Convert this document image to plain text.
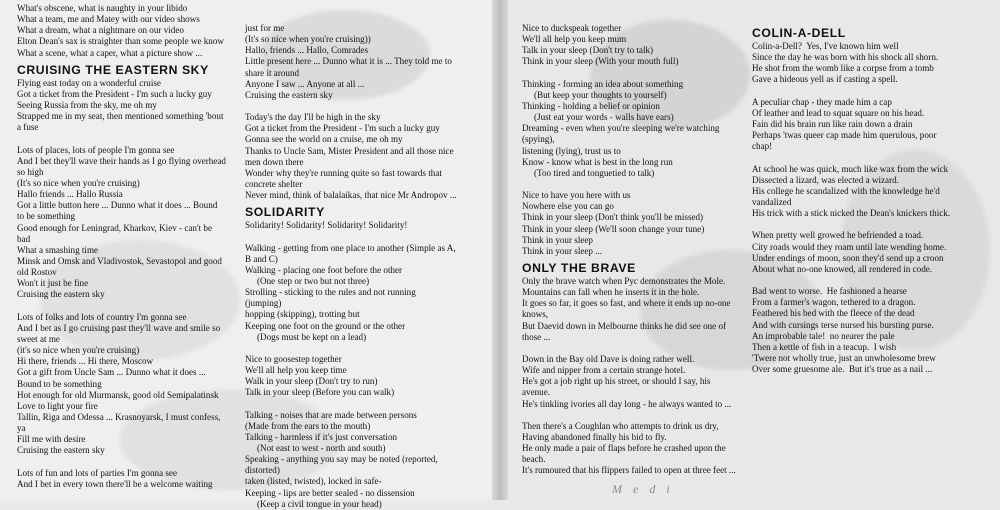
M e d i
What's obscene, what is naughty in your libido
What a team, me and Matey with our video shows
What a dream, what a nightmare on our video
Elton Dean's sax is straighter than some people we know
What a scene, what a caper, what a picture show ...
CRUISING THE EASTERN SKY
Flying east today on a wonderful cruise
Got a ticket from the President - I'm such a lucky guy
Seeing Russia from the sky, me oh my
Strapped me in my seat, then mentioned something 'bout
a fuse
Lots of places, lots of people I'm gonna see
And I bet they'll wave their hands as I go flying overhead
so high
(It's so nice when you're cruising)
Hallo friends ... Hallo Russia
Got a little button here ... Dunno what it does ... Bound
to be something
Good enough for Leningrad, Kharkov, Kiev - can't be
bad
What a smashing time
Minsk and Omsk and Vladivostok, Sevastopol and good
old Rostov
Won't it just be fine
Cruising the eastern sky
Lots of folks and lots of country I'm gonna see
And I bet as I go cruising past they'll wave and smile so
sweet at me
(it's so nice when you're cruising)
Hi there, friends ... Hi there, Moscow
Got a gift from Uncle Sam ... Dunno what it does ...
Bound to be something
Hot enough for old Murmansk, good old Semipalatinsk
Love to light your fire
Tallin, Riga and Odessa ... Krasnoyarsk, I must confess,
ya
Fill me with desire
Cruising the eastern sky
Lots of fun and lots of parties I'm gonna see
And I bet in every town there'll be a welcome waiting
just for me
(It's so nice when you're cruising))
Hallo, friends ... Hallo, Comrades
Little present here ... Dunno what it is ... They told me to
share it around
Anyone I saw ... Anyone at all ...
Cruising the eastern sky
Today's the day I'll be high in the sky
Got a ticket from the President - I'm such a lucky guy
Gonna see the world on a cruise, me oh my
Thanks to Uncle Sam, Mister President and all those nice
men down there
Wonder why they're running quite so fast towards that
concrete shelter
Never mind, think of balalaikas, that nice Mr Andropov ...
SOLIDARITY
Solidarity! Solidarity! Solidarity! Solidarity!
Walking - getting from one place to another (Simple as A,
B and C)
Walking - placing one foot before the other
(One step or two but not three)
Strolling - sticking to the rules and not running
(jumping)
hopping (skipping), trotting but
Keeping one foot on the ground or the other
(Dogs must be kept on a lead)
Nice to goosestep together
We'll all help you keep time
Walk in your sleep (Don't try to run)
Talk in your sleep (Before you can walk)
Talking - noises that are made between persons
(Made from the ears to the mouth)
Talking - harmless if it's just conversation
(Not east to west - north and south)
Speaking - anything you say may be noted (reported,
distorted)
taken (listed, twisted), locked in safe-
Keeping - lips are better sealed - no dissension
(Keep a civil tongue in your head)
Nice to duckspeak together
We'll all help you keep mum
Talk in your sleep (Don't try to talk)
Think in your sleep (With your mouth full)
Thinking - forming an idea about something
(But keep your thoughts to yourself)
Thinking - holding a belief or opinion
(Just eat your words - walls have ears)
Dreaming - even when you're sleeping we're watching
(spying),
listening (lying), trust us to
Know - know what is best in the long run
(Too tired and tonguetied to talk)
Nice to have you here with us
Nowhere else you can go
Think in your sleep (Don't think you'll be missed)
Think in your sleep (We'll soon change your tune)
Think in your sleep
Think in your sleep ...
ONLY THE BRAVE
Only the brave watch when Pyc demonstrates the Mole.
Mountains can fall when he inserts it in the hole.
It goes so far, it goes so fast, and where it ends up no-one
knows,
But Daevid down in Melbourne thinks he did see one of
those ...
Down in the Bay old Dave is doing rather well.
Wife and nipper from a certain strange hotel.
He's got a job right up his street, or should I say, his
avenue.
He's tinkling ivories all day long - he always wanted to ...
Then there's a Coughlan who attempts to drink us dry,
Having abandoned finally his bid to fly.
He only made a pair of flaps before he crashed upon the
beach.
It's rumoured that his flippers failed to open at three feet ...
COLIN-A-DELL
Colin-a-Dell?  Yes, I've known him well
Since the day he was born with his shock all shorn.
He shot from the womb like a corpse from a tomb
Gave a hideous yell as if casting a spell.
A peculiar chap - they made him a cap
Of leather and lead to squat square on his head.
Fain did his brain run like rain down a drain
Perhaps 'twas queer cap made him querulous, poor
chap!
At school he was quick, much like wax from the wick
Dissected a lizard, was elected a wizard.
His college he scandalized with the knowledge he'd
vandalized
His trick with a stick nicked the Dean's knickers thick.
When pretty well growed he befriended a toad.
City roads would they roam until late wending home.
Under endings of moon, soon they'd send up a croon
About what no-one knowed, all rendered in code.
Bad went to worse.  He fashioned a hearse
From a farmer's wagon, tethered to a dragon.
Feathered his bed with the fleece of the dead
And with cursings terse nursed his bursting purse.
An improbable tale!  no nearer the pale
Then a kettle of fish in a teacup.  I wish
'Twere not wholly true, just an unwholesome brew
Over some gruesome ale.  But it's true as a nail ...
